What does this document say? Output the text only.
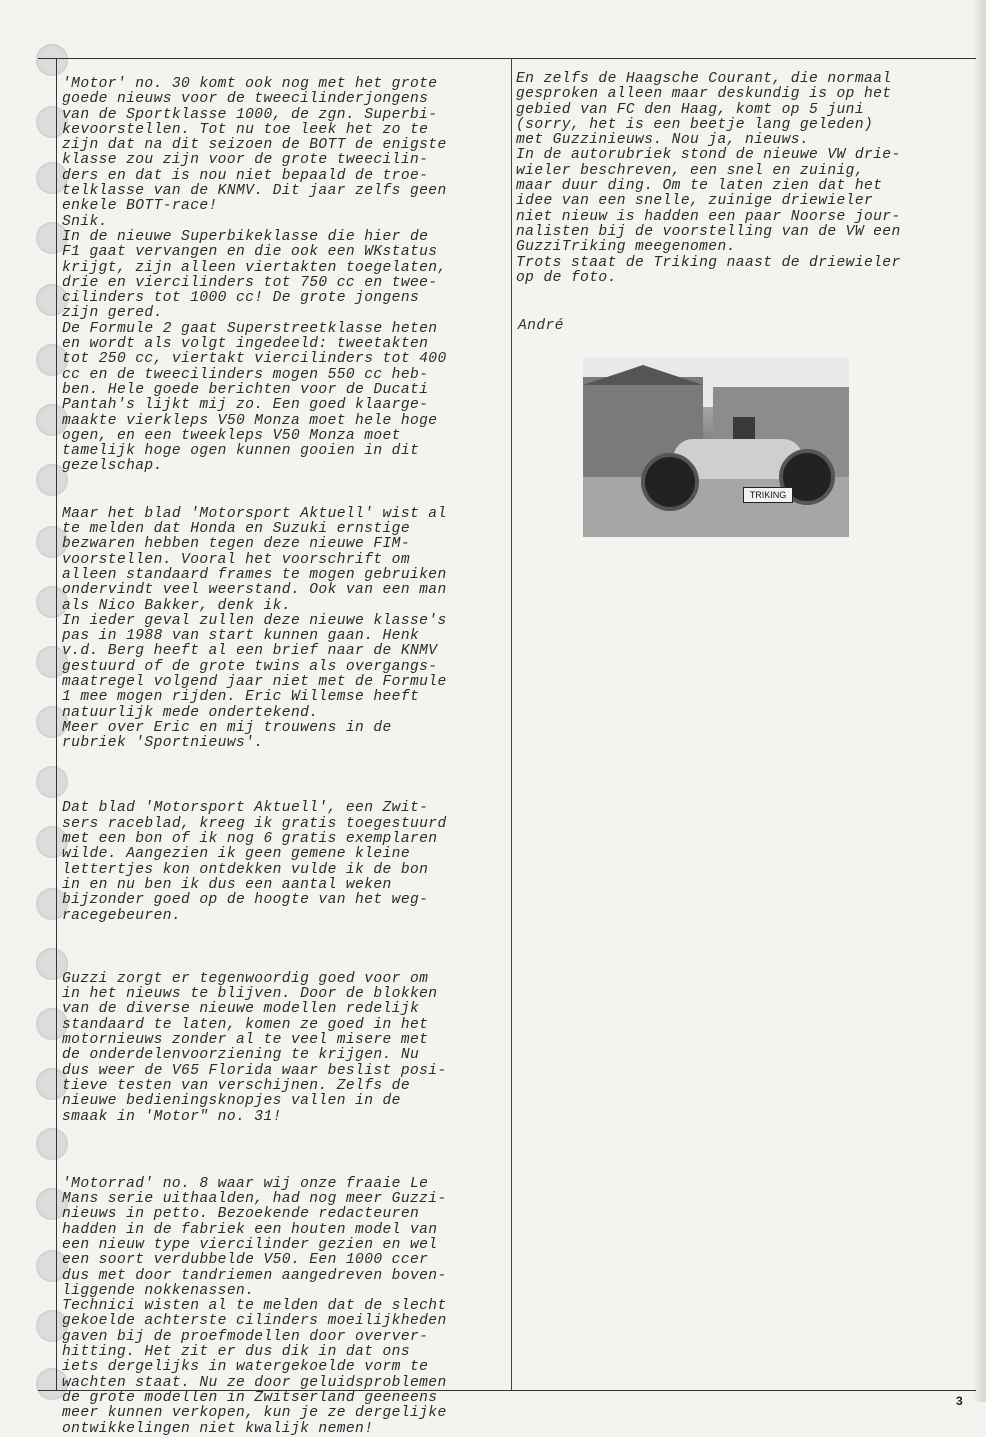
'Motor' no. 30 komt ook nog met het grote
goede nieuws voor de tweecilinderjongens
van de Sportklasse 1000, de zgn. Superbi-
kevoorstellen. Tot nu toe leek het zo te
zijn dat na dit seizoen de BOTT de enigste
klasse zou zijn voor de grote tweecilin-
ders en dat is nou niet bepaald de troe-
telklasse van de KNMV. Dit jaar zelfs geen
enkele BOTT-race!
Snik.
In de nieuwe Superbikeklasse die hier de
F1 gaat vervangen en die ook een WKstatus
krijgt, zijn alleen viertakten toegelaten,
drie en viercilinders tot 750 cc en twee-
cilinders tot 1000 cc! De grote jongens
zijn gered.
De Formule 2 gaat Superstreetklasse heten
en wordt als volgt ingedeeld: tweetakten
tot 250 cc, viertakt viercilinders tot 400
cc en de tweecilinders mogen 550 cc heb-
ben. Hele goede berichten voor de Ducati
Pantah's lijkt mij zo. Een goed klaarge-
maakte vierkleps V50 Monza moet hele hoge
ogen, en een tweekleps V50 Monza moet
tamelijk hoge ogen kunnen gooien in dit
gezelschap.

Maar het blad 'Motorsport Aktuell' wist al
te melden dat Honda en Suzuki ernstige
bezwaren hebben tegen deze nieuwe FIM-
voorstellen. Vooral het voorschrift om
alleen standaard frames te mogen gebruiken
ondervindt veel weerstand. Ook van een man
als Nico Bakker, denk ik.
In ieder geval zullen deze nieuwe klasse's
pas in 1988 van start kunnen gaan. Henk
v.d. Berg heeft al een brief naar de KNMV
gestuurd of de grote twins als overgangs-
maatregel volgend jaar niet met de Formule
1 mee mogen rijden. Eric Willemse heeft
natuurlijk mede ondertekend.
Meer over Eric en mij trouwens in de
rubriek 'Sportnieuws'.

Dat blad 'Motorsport Aktuell', een Zwit-
sers raceblad, kreeg ik gratis toegestuurd
met een bon of ik nog 6 gratis exemplaren
wilde. Aangezien ik geen gemene kleine
lettertjes kon ontdekken vulde ik de bon
in en nu ben ik dus een aantal weken
bijzonder goed op de hoogte van het weg-
racegebeuren.

Guzzi zorgt er tegenwoordig goed voor om
in het nieuws te blijven. Door de blokken
van de diverse nieuwe modellen redelijk
standaard te laten, komen ze goed in het
motornieuws zonder al te veel misere met
de onderdelenvoorziening te krijgen. Nu
dus weer de V65 Florida waar beslist posi-
tieve testen van verschijnen. Zelfs de
nieuwe bedieningsknopjes vallen in de
smaak in 'Motor" no. 31!

'Motorrad' no. 8 waar wij onze fraaie Le
Mans serie uithaalden, had nog meer Guzzi-
nieuws in petto. Bezoekende redacteuren
hadden in de fabriek een houten model van
een nieuw type viercilinder gezien en wel
een soort verdubbelde V50. Een 1000 ccer
dus met door tandriemen aangedreven boven-
liggende nokkenassen.
Technici wisten al te melden dat de slecht
gekoelde achterste cilinders moeilijkheden
gaven bij de proefmodellen door overver-
hitting. Het zit er dus dik in dat ons
iets dergelijks in watergekoelde vorm te
wachten staat. Nu ze door geluidsproblemen
de grote modellen in Zwitserland geeneens
meer kunnen verkopen, kun je ze dergelijke
ontwikkelingen niet kwalijk nemen!

En zelfs de Haagsche Courant, die normaal
gesproken alleen maar deskundig is op het
gebied van FC den Haag, komt op 5 juni
(sorry, het is een beetje lang geleden)
met Guzzinieuws. Nou ja, nieuws.
In de autorubriek stond de nieuwe VW drie-
wieler beschreven, een snel en zuinig,
maar duur ding. Om te laten zien dat het
idee van een snelle, zuinige driewieler
niet nieuw is hadden een paar Noorse jour-
nalisten bij de voorstelling van de VW een
GuzziTriking meegenomen.
Trots staat de Triking naast de driewieler
op de foto.

André
TRIKING
3
